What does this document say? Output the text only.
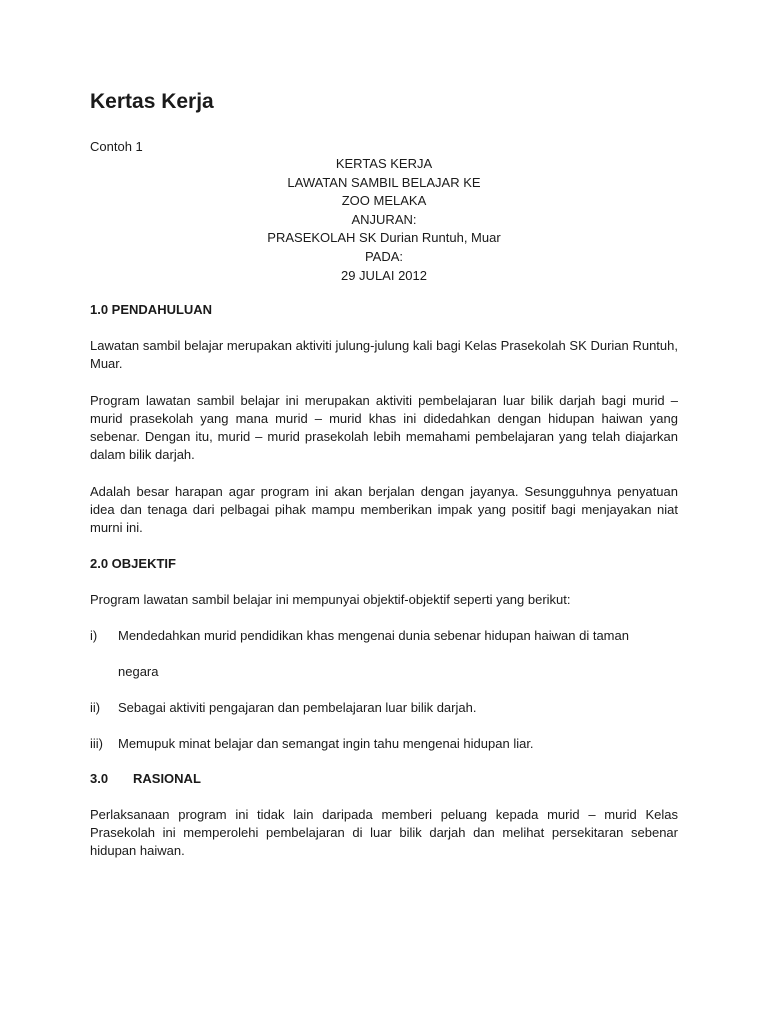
Kertas Kerja
Contoh 1
KERTAS KERJA
LAWATAN SAMBIL BELAJAR KE
ZOO MELAKA
ANJURAN:
PRASEKOLAH SK Durian Runtuh, Muar
PADA:
29 JULAI 2012
1.0 PENDAHULUAN
Lawatan sambil belajar merupakan aktiviti julung-julung kali bagi Kelas Prasekolah SK Durian Runtuh, Muar.
Program lawatan sambil belajar ini merupakan aktiviti pembelajaran luar bilik darjah bagi murid – murid prasekolah yang mana murid – murid khas ini didedahkan dengan hidupan haiwan yang sebenar. Dengan itu, murid – murid prasekolah lebih memahami pembelajaran yang telah diajarkan dalam bilik darjah.
Adalah besar harapan agar program ini akan berjalan dengan jayanya. Sesungguhnya penyatuan idea dan tenaga dari pelbagai pihak mampu memberikan impak yang positif bagi menjayakan niat murni ini.
2.0 OBJEKTIF
Program lawatan sambil belajar ini mempunyai objektif-objektif seperti yang berikut:
i) Mendedahkan murid pendidikan khas mengenai dunia sebenar hidupan haiwan di taman
negara
ii) Sebagai aktiviti pengajaran dan pembelajaran luar bilik darjah.
iii) Memupuk minat belajar dan semangat ingin tahu mengenai hidupan liar.
3.0 RASIONAL
Perlaksanaan program ini tidak lain daripada memberi peluang kepada murid – murid Kelas Prasekolah ini memperolehi pembelajaran di luar bilik darjah dan melihat persekitaran sebenar hidupan haiwan.
